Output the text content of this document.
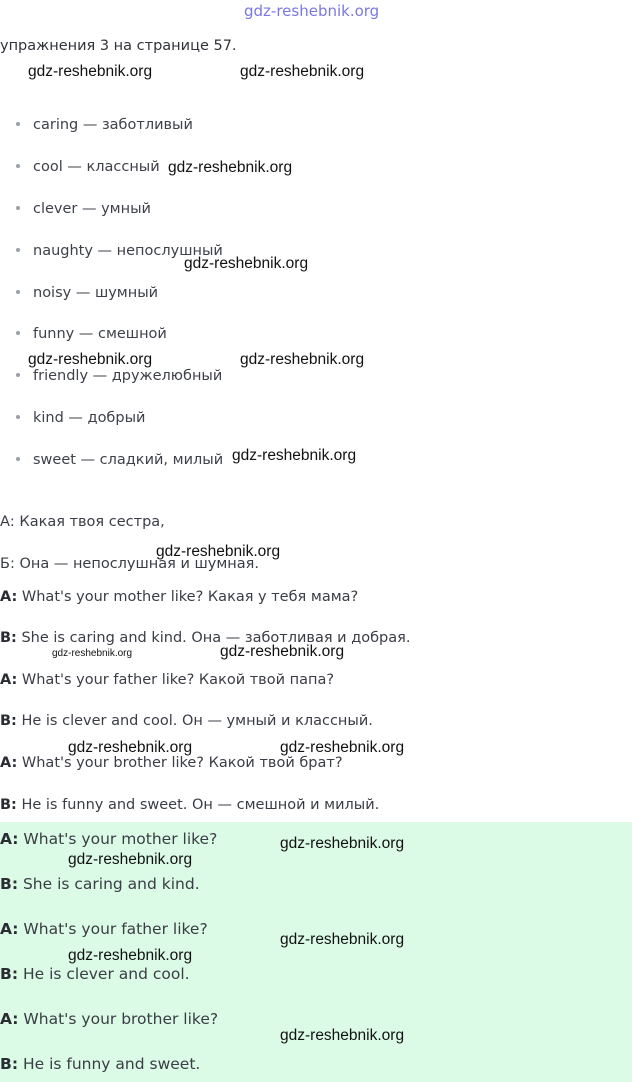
gdz-reshebnik.org
упражнения 3 на странице 57.
caring — заботливый
cool — классный
clever — умный
naughty — непослушный
noisy — шумный
funny — смешной
friendly — дружелюбный
kind — добрый
sweet — сладкий, милый
А: Какая твоя сестра,
Б: Она — непослушная и шумная.
A: What's your mother like? Какая у тебя мама?
B: She is caring and kind. Она — заботливая и добрая.
A: What's your father like? Какой твой папа?
B: He is clever and cool. Он — умный и классный.
A: What's your brother like? Какой твой брат?
B: He is funny and sweet. Он — смешной и милый.
A: What's your mother like?
B: She is caring and kind.
A: What's your father like?
B: He is clever and cool.
A: What's your brother like?
B: He is funny and sweet.
gdz-reshebnik.org	gdz-reshebnik.org
gdz-reshebnik.org
gdz-reshebnik.org
gdz-reshebnik.org	gdz-reshebnik.org
gdz-reshebnik.org
gdz-reshebnik.org
gdz-reshebnik.org	gdz-reshebnik.org
gdz-reshebnik.org	gdz-reshebnik.org
gdz-reshebnik.org
gdz-reshebnik.org
gdz-reshebnik.org
gdz-reshebnik.org
gdz-reshebnik.org
